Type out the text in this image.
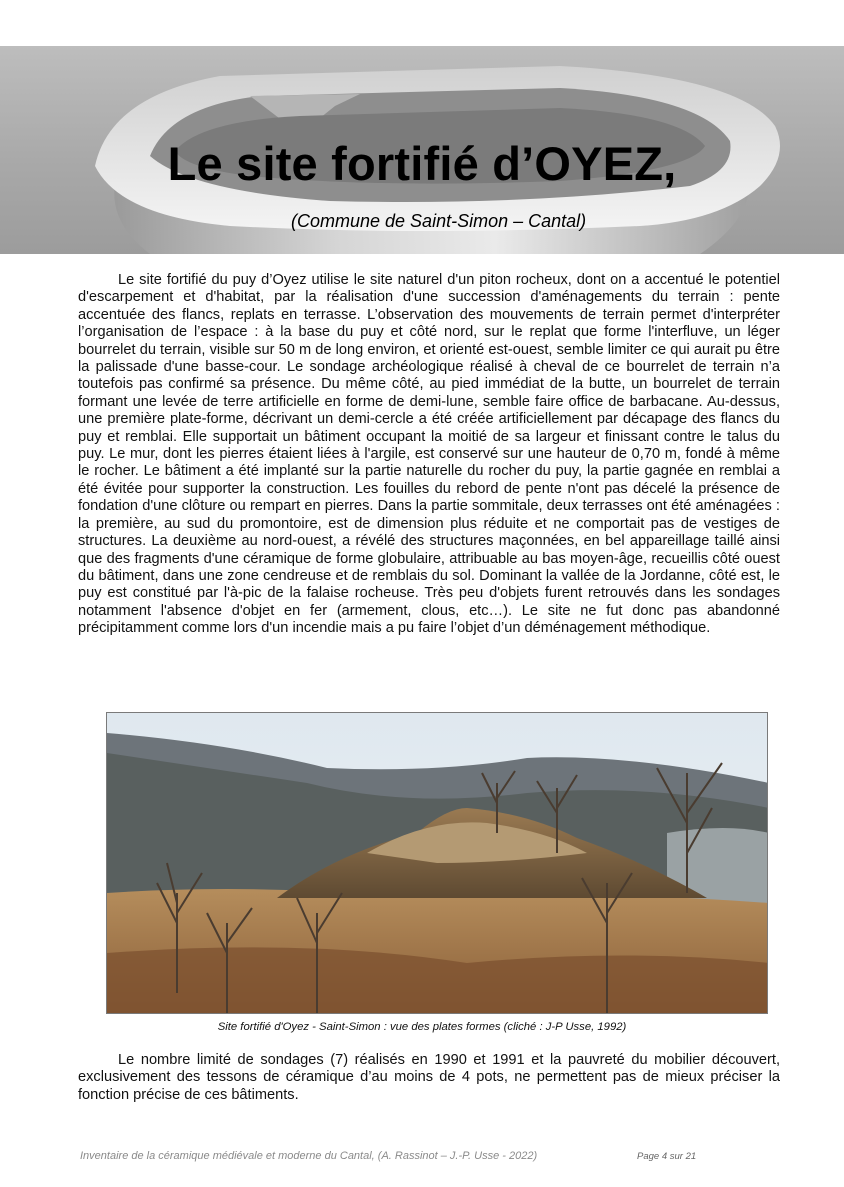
Le site fortifié d’OYEZ,
(Commune de Saint-Simon – Cantal)

Le site fortifié du puy d’Oyez utilise le site naturel d'un piton rocheux, dont on a accentué le potentiel d'escarpement et d'habitat, par la réalisation d'une succession d'aménagements du terrain : pente accentuée des flancs, replats en terrasse. L’observation des mouvements de terrain permet d'interpréter l’organisation de l’espace : à la base du puy et côté nord, sur le replat que forme l'interfluve, un léger bourrelet du terrain, visible sur 50 m de long environ, et orienté est-ouest, semble limiter ce qui aurait pu être la palissade d'une basse-cour. Le sondage archéologique réalisé à cheval de ce bourrelet de terrain n’a toutefois pas confirmé sa présence. Du même côté, au pied immédiat de la butte, un bourrelet de terrain formant une levée de terre artificielle en forme de demi-lune, semble faire office de barbacane. Au-dessus, une première plate-forme, décrivant un demi-cercle a été créée artificiellement par décapage des flancs du puy et remblai. Elle supportait un bâtiment occupant la moitié de sa largeur et finissant contre le talus du puy. Le mur, dont les pierres étaient liées à l'argile, est conservé sur une hauteur de 0,70 m, fondé à même le rocher. Le bâtiment a été implanté sur la partie naturelle du rocher du puy, la partie gagnée en remblai a été évitée pour supporter la construction. Les fouilles du rebord de pente n'ont pas décelé la présence de fondation d'une clôture ou rempart en pierres. Dans la partie sommitale, deux terrasses ont été aménagées : la première, au sud du promontoire, est de dimension plus réduite et ne comportait pas de vestiges de structures. La deuxième au nord-ouest, a révélé des structures maçonnées, en bel appareillage taillé ainsi que des fragments d'une céramique de forme globulaire, attribuable au bas moyen-âge, recueillis côté ouest du bâtiment, dans une zone cendreuse et de remblais du sol. Dominant la vallée de la Jordanne, côté est, le puy est constitué par l'à-pic de la falaise rocheuse. Très peu d'objets furent retrouvés dans les sondages notamment l'absence d'objet en fer (armement, clous, etc…). Le site ne fut donc pas abandonné précipitamment comme lors d'un incendie mais a pu faire l’objet d’un déménagement méthodique.

Site fortifié d'Oyez - Saint-Simon : vue des plates formes (cliché : J-P Usse, 1992)

Le nombre limité de sondages (7) réalisés en 1990 et 1991 et la pauvreté du mobilier découvert, exclusivement des tessons de céramique d’au moins de 4 pots, ne permettent pas de mieux préciser la fonction précise de ces bâtiments.

Inventaire de la céramique médiévale et moderne du Cantal, (A. Rassinot – J.-P. Usse - 2022)	Page 4 sur 21
